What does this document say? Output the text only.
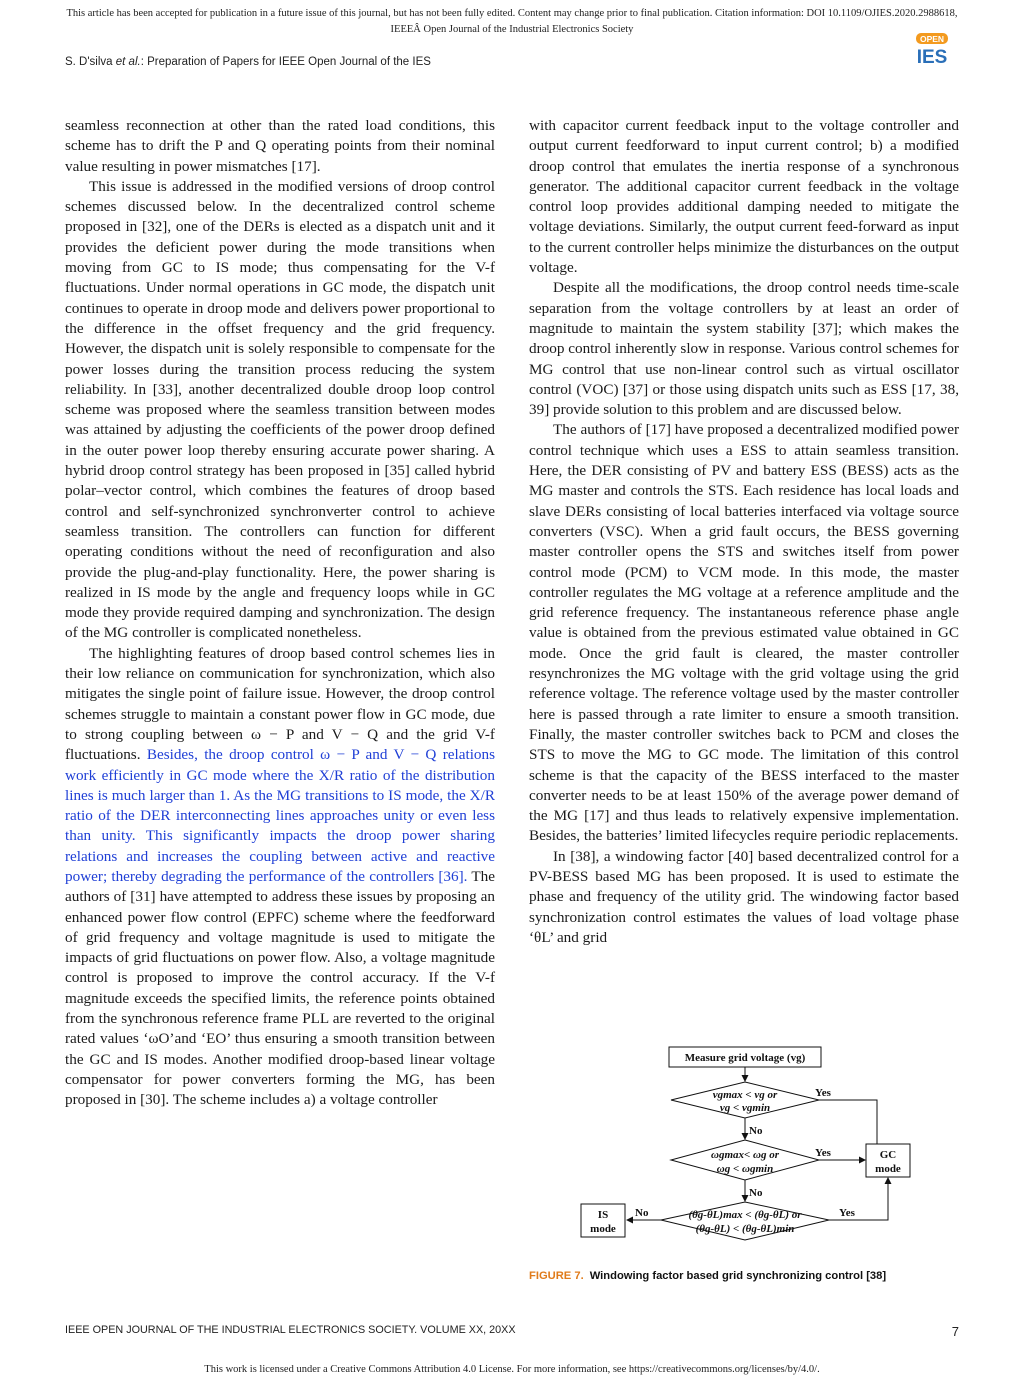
This article has been accepted for publication in a future issue of this journal, but has not been fully edited. Content may change prior to final publication. Citation information: DOI 10.1109/OJIES.2020.2988618,
IEEEÂ Open Journal of the Industrial Electronics Society
S. D'silva et al.: Preparation of Papers for IEEE Open Journal of the IES
OPEN
IES

seamless reconnection at other than the rated load conditions, this scheme has to drift the P and Q operating points from their nominal value resulting in power mismatches [17].

This issue is addressed in the modified versions of droop control schemes discussed below. In the decentralized control scheme proposed in [32], one of the DERs is elected as a dispatch unit and it provides the deficient power during the mode transitions when moving from GC to IS mode; thus compensating for the V-f fluctuations. Under normal operations in GC mode, the dispatch unit continues to operate in droop mode and delivers power proportional to the difference in the offset frequency and the grid frequency. However, the dispatch unit is solely responsible to compensate for the power losses during the transition process reducing the system reliability. In [33], another decentralized double droop loop control scheme was proposed where the seamless transition between modes was attained by adjusting the coefficients of the power droop defined in the outer power loop thereby ensuring accurate power sharing. A hybrid droop control strategy has been proposed in [35] called hybrid polar–vector control, which combines the features of droop based control and self-synchronized synchronverter control to achieve seamless transition. The controllers can function for different operating conditions without the need of reconfiguration and also provide the plug-and-play functionality. Here, the power sharing is realized in IS mode by the angle and frequency loops while in GC mode they provide required damping and synchronization. The design of the MG controller is complicated nonetheless.

The highlighting features of droop based control schemes lies in their low reliance on communication for synchronization, which also mitigates the single point of failure issue. However, the droop control schemes struggle to maintain a constant power flow in GC mode, due to strong coupling between ω − P and V − Q and the grid V-f fluctuations. Besides, the droop control ω − P and V − Q relations work efficiently in GC mode where the X/R ratio of the distribution lines is much larger than 1. As the MG transitions to IS mode, the X/R ratio of the DER interconnecting lines approaches unity or even less than unity. This significantly impacts the droop power sharing relations and increases the coupling between active and reactive power; thereby degrading the performance of the controllers [36]. The authors of [31] have attempted to address these issues by proposing an enhanced power flow control (EPFC) scheme where the feedforward of grid frequency and voltage magnitude is used to mitigate the impacts of grid fluctuations on power flow. Also, a voltage magnitude control is proposed to improve the control accuracy. If the V-f magnitude exceeds the specified limits, the reference points obtained from the synchronous reference frame PLL are reverted to the original rated values ‘ωO’and ‘EO’ thus ensuring a smooth transition between the GC and IS modes. Another modified droop-based linear voltage compensator for power converters forming the MG, has been proposed in [30]. The scheme includes a) a voltage controller

with capacitor current feedback input to the voltage controller and output current feedforward to input current control; b) a modified droop control that emulates the inertia response of a synchronous generator. The additional capacitor current feedback in the voltage control loop provides additional damping needed to mitigate the voltage deviations. Similarly, the output current feed-forward as input to the current controller helps minimize the disturbances on the output voltage.

Despite all the modifications, the droop control needs time-scale separation from the voltage controllers by at least an order of magnitude to maintain the system stability [37]; which makes the droop control inherently slow in response. Various control schemes for MG control that use non-linear control such as virtual oscillator control (VOC) [37] or those using dispatch units such as ESS [17, 38, 39] provide solution to this problem and are discussed below.

The authors of [17] have proposed a decentralized modified power control technique which uses a ESS to attain seamless transition. Here, the DER consisting of PV and battery ESS (BESS) acts as the MG master and controls the STS. Each residence has local loads and slave DERs consisting of local batteries interfaced via voltage source converters (VSC). When a grid fault occurs, the BESS governing master controller opens the STS and switches itself from power control mode (PCM) to VCM mode. In this mode, the master controller regulates the MG voltage at a reference amplitude and the grid reference frequency. The instantaneous reference phase angle value is obtained from the previous estimated value obtained in GC mode. Once the grid fault is cleared, the master controller resynchronizes the MG voltage with the grid voltage using the grid reference voltage. The reference voltage used by the master controller here is passed through a rate limiter to ensure a smooth transition. Finally, the master controller switches back to PCM and closes the STS to move the MG to GC mode. The limitation of this control scheme is that the capacity of the BESS interfaced to the master converter needs to be at least 150% of the average power demand of the MG [17] and thus leads to relatively expensive implementation. Besides, the batteries’ limited lifecycles require periodic replacements.

In [38], a windowing factor [40] based decentralized control for a PV-BESS based MG has been proposed. It is used to estimate the phase and frequency of the utility grid. The windowing factor based synchronization control estimates the values of load voltage phase ‘θL’ and grid

Measure grid voltage (vg)
vgmax < vg or
vg < vgmin
Yes
No
ωgmax< ωg or
ωg < ωgmin
Yes
No
GC
mode
(θg-θL)max < (θg-θL) or
(θg-θL) < (θg-θL)min
Yes
No
IS
mode
FIGURE 7. Windowing factor based grid synchronizing control [38]
IEEE OPEN JOURNAL OF THE INDUSTRIAL ELECTRONICS SOCIETY. VOLUME XX, 20XX	7
This work is licensed under a Creative Commons Attribution 4.0 License. For more information, see https://creativecommons.org/licenses/by/4.0/.
